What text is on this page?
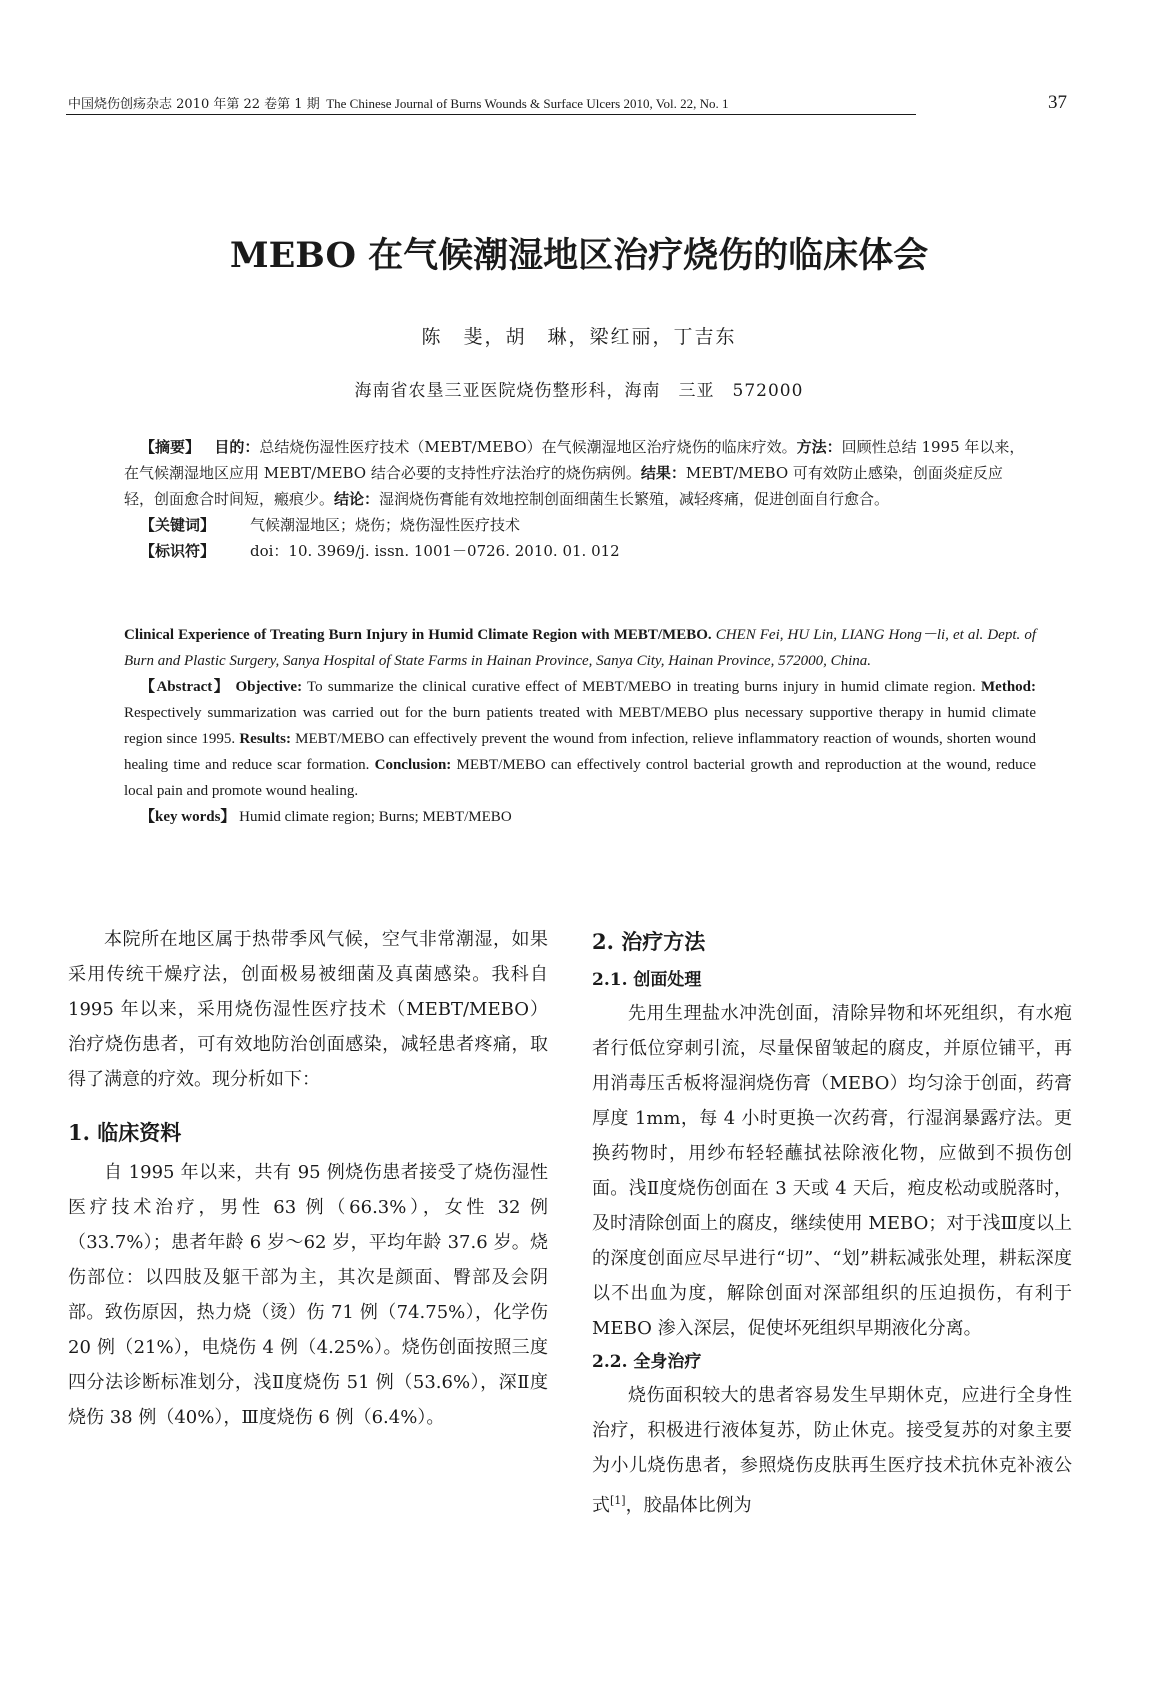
中国烧伤创疡杂志 2010 年第 22 卷第 1 期 The Chinese Journal of Burns Wounds & Surface Ulcers 2010, Vol. 22, No. 1	37
MEBO 在气候潮湿地区治疗烧伤的临床体会
陈　斐，胡　琳，梁红丽，丁吉东
海南省农垦三亚医院烧伤整形科，海南　三亚　572000

【摘要】 目的：总结烧伤湿性医疗技术（MEBT/MEBO）在气候潮湿地区治疗烧伤的临床疗效。方法：回顾性总结 1995 年以来，在气候潮湿地区应用 MEBT/MEBO 结合必要的支持性疗法治疗的烧伤病例。结果：MEBT/MEBO 可有效防止感染，创面炎症反应轻，创面愈合时间短，瘢痕少。结论：湿润烧伤膏能有效地控制创面细菌生长繁殖，减轻疼痛，促进创面自行愈合。

【关键词】 气候潮湿地区；烧伤；烧伤湿性医疗技术

【标识符】 doi：10. 3969/j. issn. 1001－0726. 2010. 01. 012

Clinical Experience of Treating Burn Injury in Humid Climate Region with MEBT/MEBO. CHEN Fei, HU Lin, LIANG Hong－li, et al. Dept. of Burn and Plastic Surgery, Sanya Hospital of State Farms in Hainan Province, Sanya City, Hainan Province, 572000, China.

【Abstract】 Objective: To summarize the clinical curative effect of MEBT/MEBO in treating burns injury in humid climate region. Method: Respectively summarization was carried out for the burn patients treated with MEBT/MEBO plus necessary supportive therapy in humid climate region since 1995. Results: MEBT/MEBO can effectively prevent the wound from infection, relieve inflammatory reaction of wounds, shorten wound healing time and reduce scar formation. Conclusion: MEBT/MEBO can effectively control bacterial growth and reproduction at the wound, reduce local pain and promote wound healing.

【key words】 Humid climate region; Burns; MEBT/MEBO

本院所在地区属于热带季风气候，空气非常潮湿，如果采用传统干燥疗法，创面极易被细菌及真菌感染。我科自 1995 年以来，采用烧伤湿性医疗技术（MEBT/MEBO）治疗烧伤患者，可有效地防治创面感染，减轻患者疼痛，取得了满意的疗效。现分析如下：

1. 临床资料

自 1995 年以来，共有 95 例烧伤患者接受了烧伤湿性医疗技术治疗，男性 63 例（66.3%），女性 32 例（33.7%）；患者年龄 6 岁～62 岁，平均年龄 37.6 岁。烧伤部位：以四肢及躯干部为主，其次是颜面、臀部及会阴部。致伤原因，热力烧（烫）伤 71 例（74.75%），化学伤 20 例（21%），电烧伤 4 例（4.25%）。烧伤创面按照三度四分法诊断标准划分，浅Ⅱ度烧伤 51 例（53.6%），深Ⅱ度烧伤 38 例（40%），Ⅲ度烧伤 6 例（6.4%）。

2. 治疗方法

2.1. 创面处理

先用生理盐水冲洗创面，清除异物和坏死组织，有水疱者行低位穿刺引流，尽量保留皱起的腐皮，并原位铺平，再用消毒压舌板将湿润烧伤膏（MEBO）均匀涂于创面，药膏厚度 1mm，每 4 小时更换一次药膏，行湿润暴露疗法。更换药物时，用纱布轻轻蘸拭祛除液化物，应做到不损伤创面。浅Ⅱ度烧伤创面在 3 天或 4 天后，疱皮松动或脱落时，及时清除创面上的腐皮，继续使用 MEBO；对于浅Ⅲ度以上的深度创面应尽早进行“切”、“划”耕耘减张处理，耕耘深度以不出血为度，解除创面对深部组织的压迫损伤，有利于 MEBO 渗入深层，促使坏死组织早期液化分离。

2.2. 全身治疗

烧伤面积较大的患者容易发生早期休克，应进行全身性治疗，积极进行液体复苏，防止休克。接受复苏的对象主要为小儿烧伤患者，参照烧伤皮肤再生医疗技术抗休克补液公式[1]，胶晶体比例为
